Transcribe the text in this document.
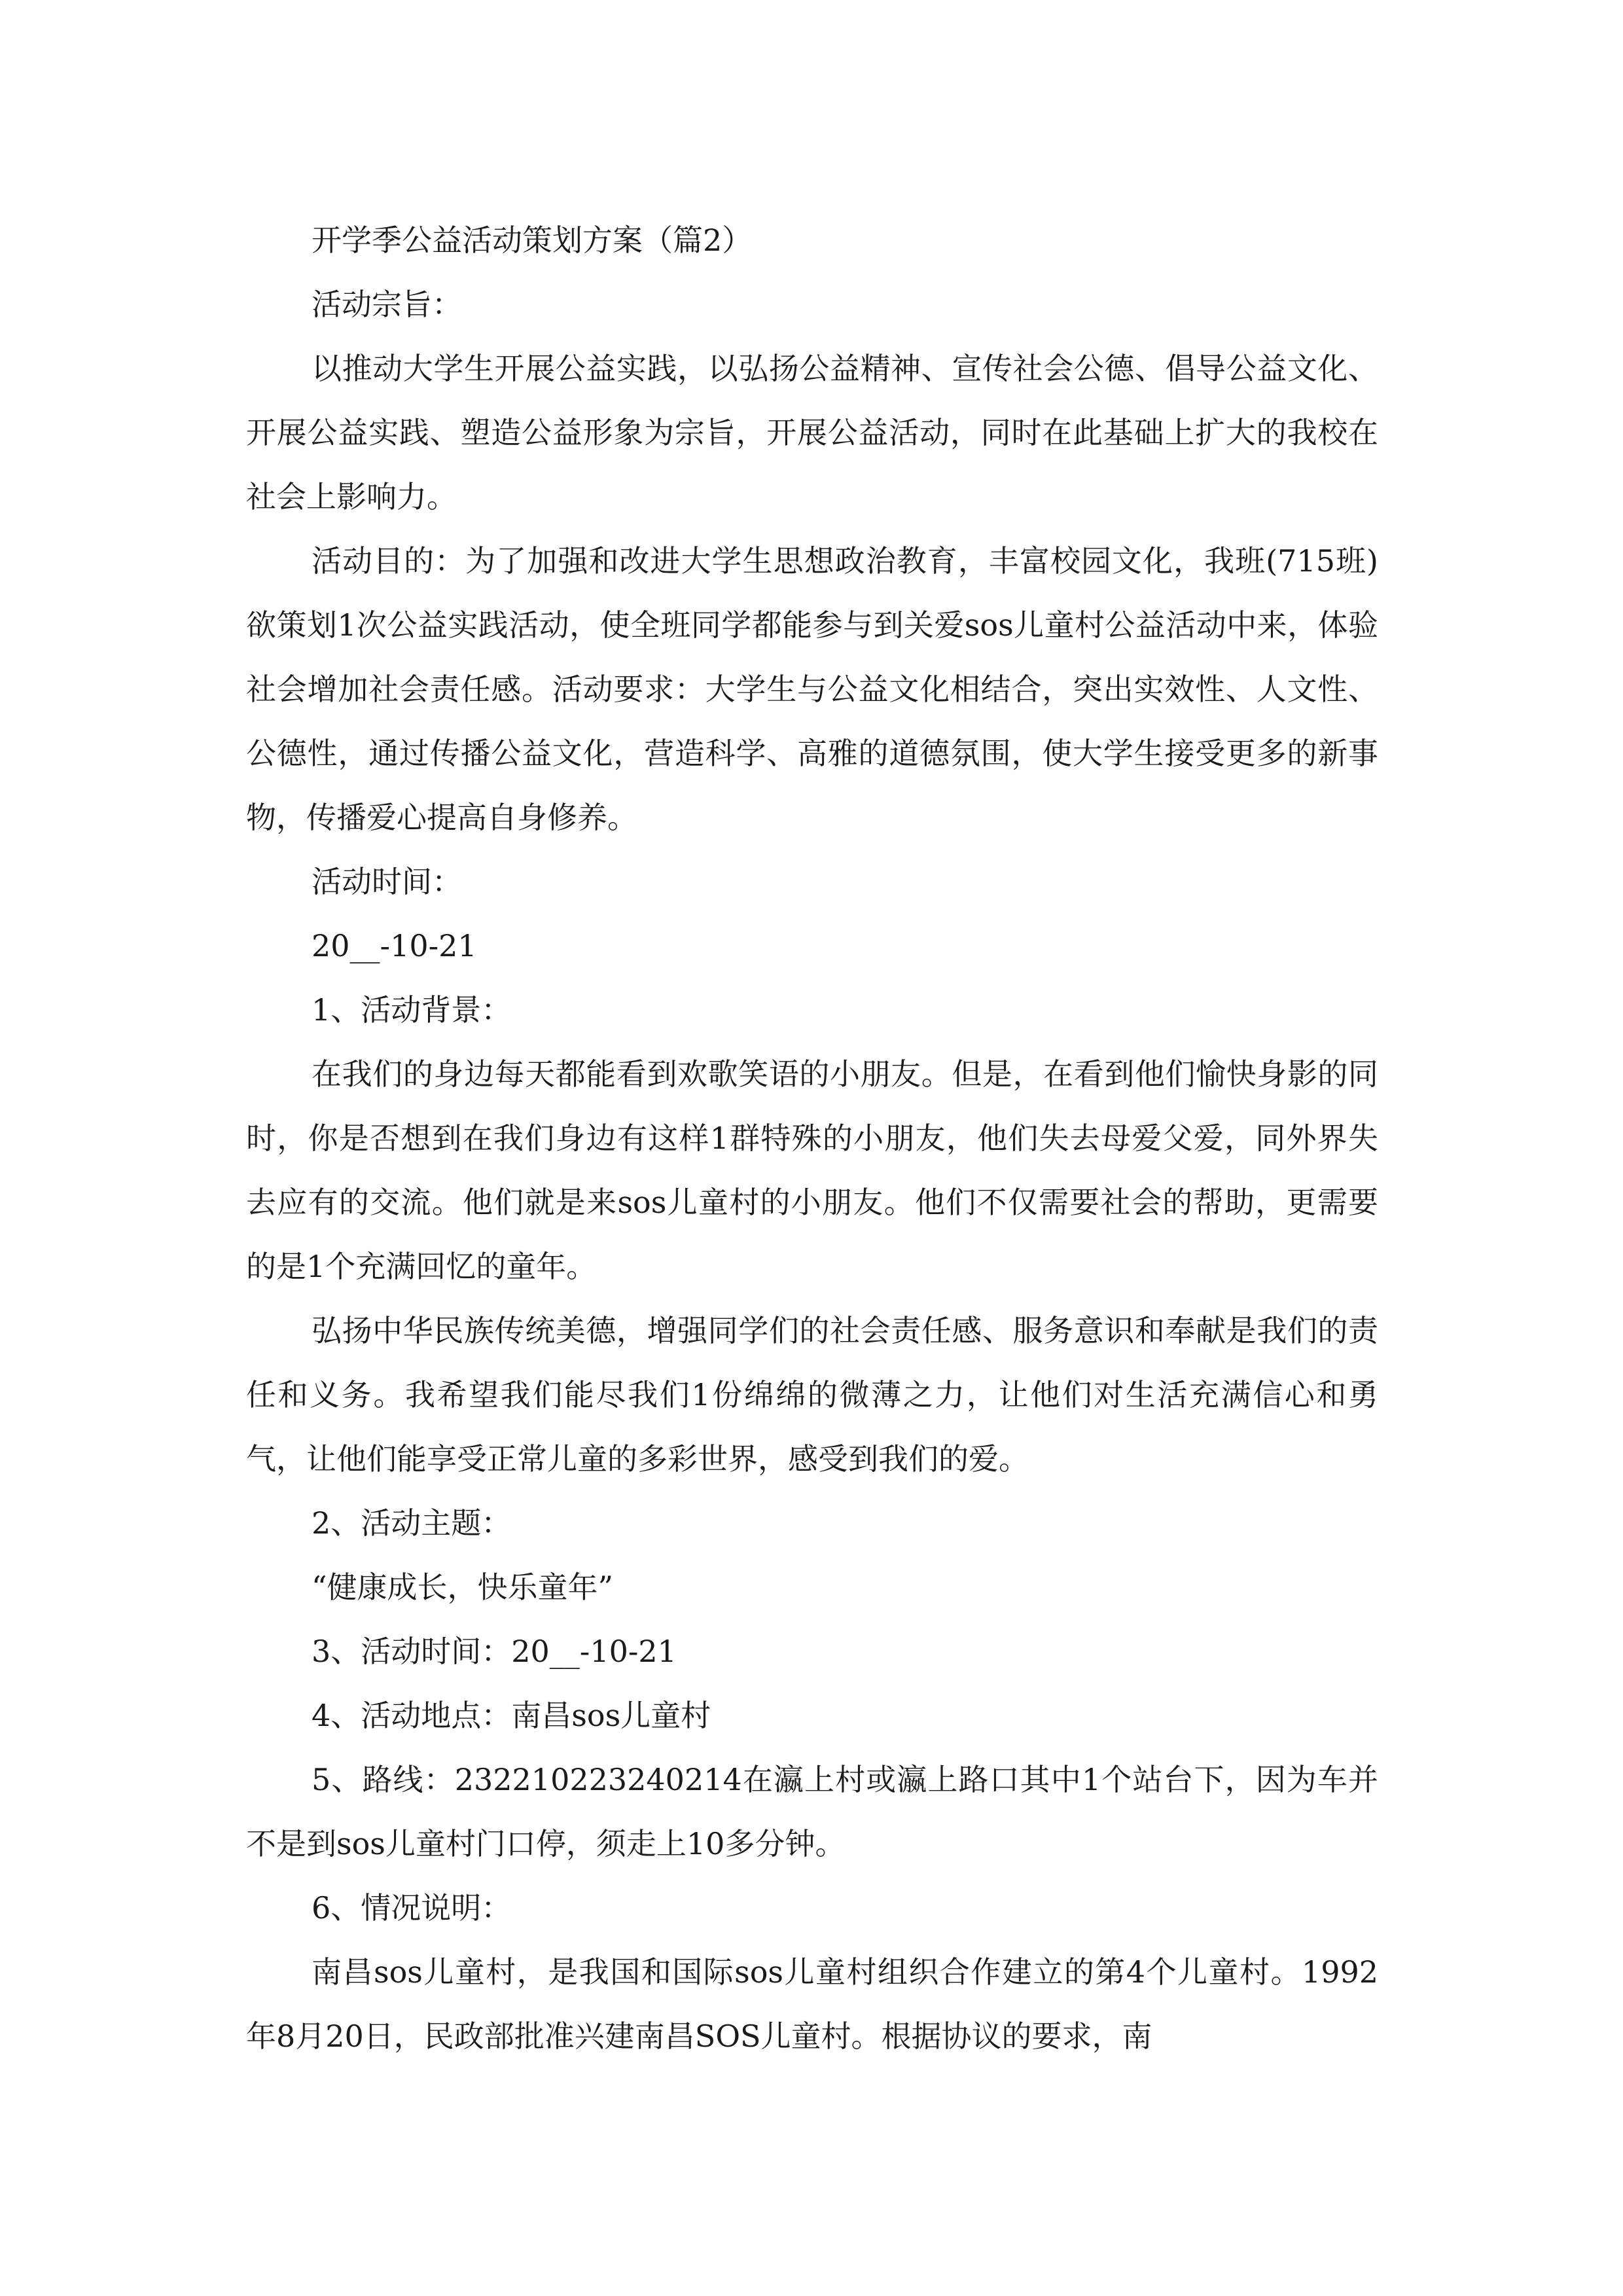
开学季公益活动策划方案（篇2）

活动宗旨：

以推动大学生开展公益实践，以弘扬公益精神、宣传社会公德、倡导公益文化、开展公益实践、塑造公益形象为宗旨，开展公益活动，同时在此基础上扩大的我校在社会上影响力。

活动目的：为了加强和改进大学生思想政治教育，丰富校园文化，我班(715班)欲策划1次公益实践活动，使全班同学都能参与到关爱sos儿童村公益活动中来，体验社会增加社会责任感。活动要求：大学生与公益文化相结合，突出实效性、人文性、公德性，通过传播公益文化，营造科学、高雅的道德氛围，使大学生接受更多的新事物，传播爱心提高自身修养。

活动时间：

20__-10-21

1、活动背景：

在我们的身边每天都能看到欢歌笑语的小朋友。但是，在看到他们愉快身影的同时，你是否想到在我们身边有这样1群特殊的小朋友，他们失去母爱父爱，同外界失去应有的交流。他们就是来sos儿童村的小朋友。他们不仅需要社会的帮助，更需要的是1个充满回忆的童年。

弘扬中华民族传统美德，增强同学们的社会责任感、服务意识和奉献是我们的责任和义务。我希望我们能尽我们1份绵绵的微薄之力，让他们对生活充满信心和勇气，让他们能享受正常儿童的多彩世界，感受到我们的爱。

2、活动主题：

“健康成长，快乐童年”

3、活动时间：20__-10-21

4、活动地点：南昌sos儿童村

5、路线：232210223240214在瀛上村或瀛上路口其中1个站台下，因为车并不是到sos儿童村门口停，须走上10多分钟。

6、情况说明：

南昌sos儿童村，是我国和国际sos儿童村组织合作建立的第4个儿童村。1992年8月20日，民政部批准兴建南昌SOS儿童村。根据协议的要求，南
